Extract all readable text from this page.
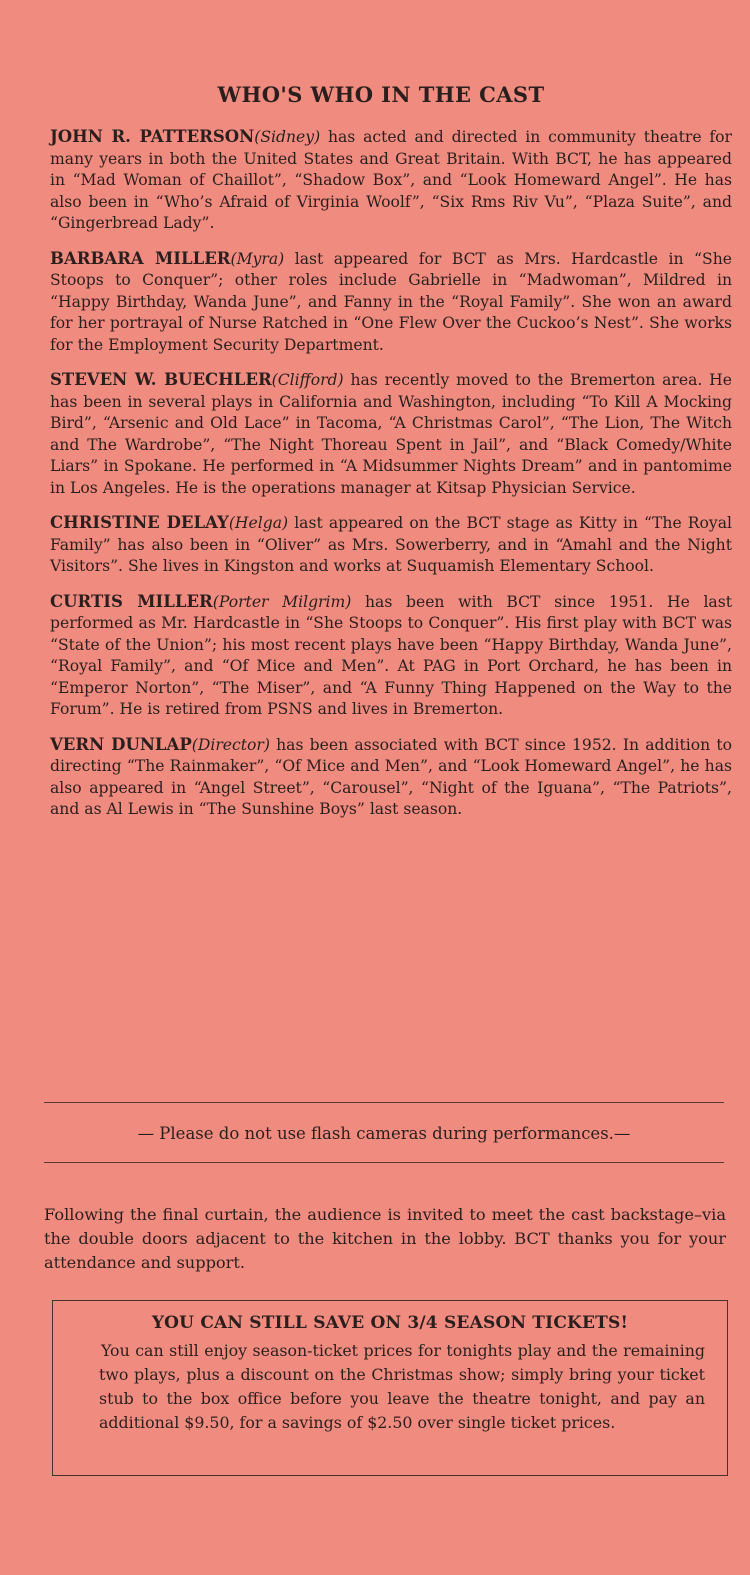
WHO'S WHO IN THE CAST

JOHN R. PATTERSON(Sidney) has acted and directed in community theatre for many years in both the United States and Great Britain. With BCT, he has appeared in “Mad Woman of Chaillot”, “Shadow Box”, and “Look Homeward Angel”. He has also been in “Who’s Afraid of Virginia Woolf”, “Six Rms Riv Vu”, “Plaza Suite”, and “Gingerbread Lady”.

BARBARA MILLER(Myra) last appeared for BCT as Mrs. Hardcastle in “She Stoops to Conquer”; other roles include Gabrielle in “Madwoman”, Mildred in “Happy Birthday, Wanda June”, and Fanny in the “Royal Family”. She won an award for her portrayal of Nurse Ratched in “One Flew Over the Cuckoo’s Nest”. She works for the Employment Security Department.

STEVEN W. BUECHLER(Clifford) has recently moved to the Bremerton area. He has been in several plays in California and Washington, including “To Kill A Mocking Bird”, “Arsenic and Old Lace” in Tacoma, “A Christmas Carol”, “The Lion, The Witch and The Wardrobe”, “The Night Thoreau Spent in Jail”, and “Black Comedy/White Liars” in Spokane. He performed in “A Midsummer Nights Dream” and in pantomime in Los Angeles. He is the operations manager at Kitsap Physician Service.

CHRISTINE DELAY(Helga) last appeared on the BCT stage as Kitty in “The Royal Family” has also been in “Oliver” as Mrs. Sowerberry, and in “Amahl and the Night Visitors”. She lives in Kingston and works at Suquamish Elementary School.

CURTIS MILLER(Porter Milgrim) has been with BCT since 1951. He last performed as Mr. Hardcastle in “She Stoops to Conquer”. His first play with BCT was “State of the Union”; his most recent plays have been “Happy Birthday, Wanda June”, “Royal Family”, and “Of Mice and Men”. At PAG in Port Orchard, he has been in “Emperor Norton”, “The Miser”, and “A Funny Thing Happened on the Way to the Forum”. He is retired from PSNS and lives in Bremerton.

VERN DUNLAP(Director) has been associated with BCT since 1952. In addition to directing “The Rainmaker”, “Of Mice and Men”, and “Look Homeward Angel”, he has also appeared in “Angel Street”, “Carousel”, “Night of the Iguana”, “The Patriots”, and as Al Lewis in “The Sunshine Boys” last season.

— Please do not use flash cameras during performances.—

Following the final curtain, the audience is invited to meet the cast backstage–via the double doors adjacent to the kitchen in the lobby. BCT thanks you for your attendance and support.

YOU CAN STILL SAVE ON 3/4 SEASON TICKETS!

You can still enjoy season-ticket prices for tonights play and the remaining two plays, plus a discount on the Christmas show; simply bring your ticket stub to the box office before you leave the theatre tonight, and pay an additional $9.50, for a savings of $2.50 over single ticket prices.
